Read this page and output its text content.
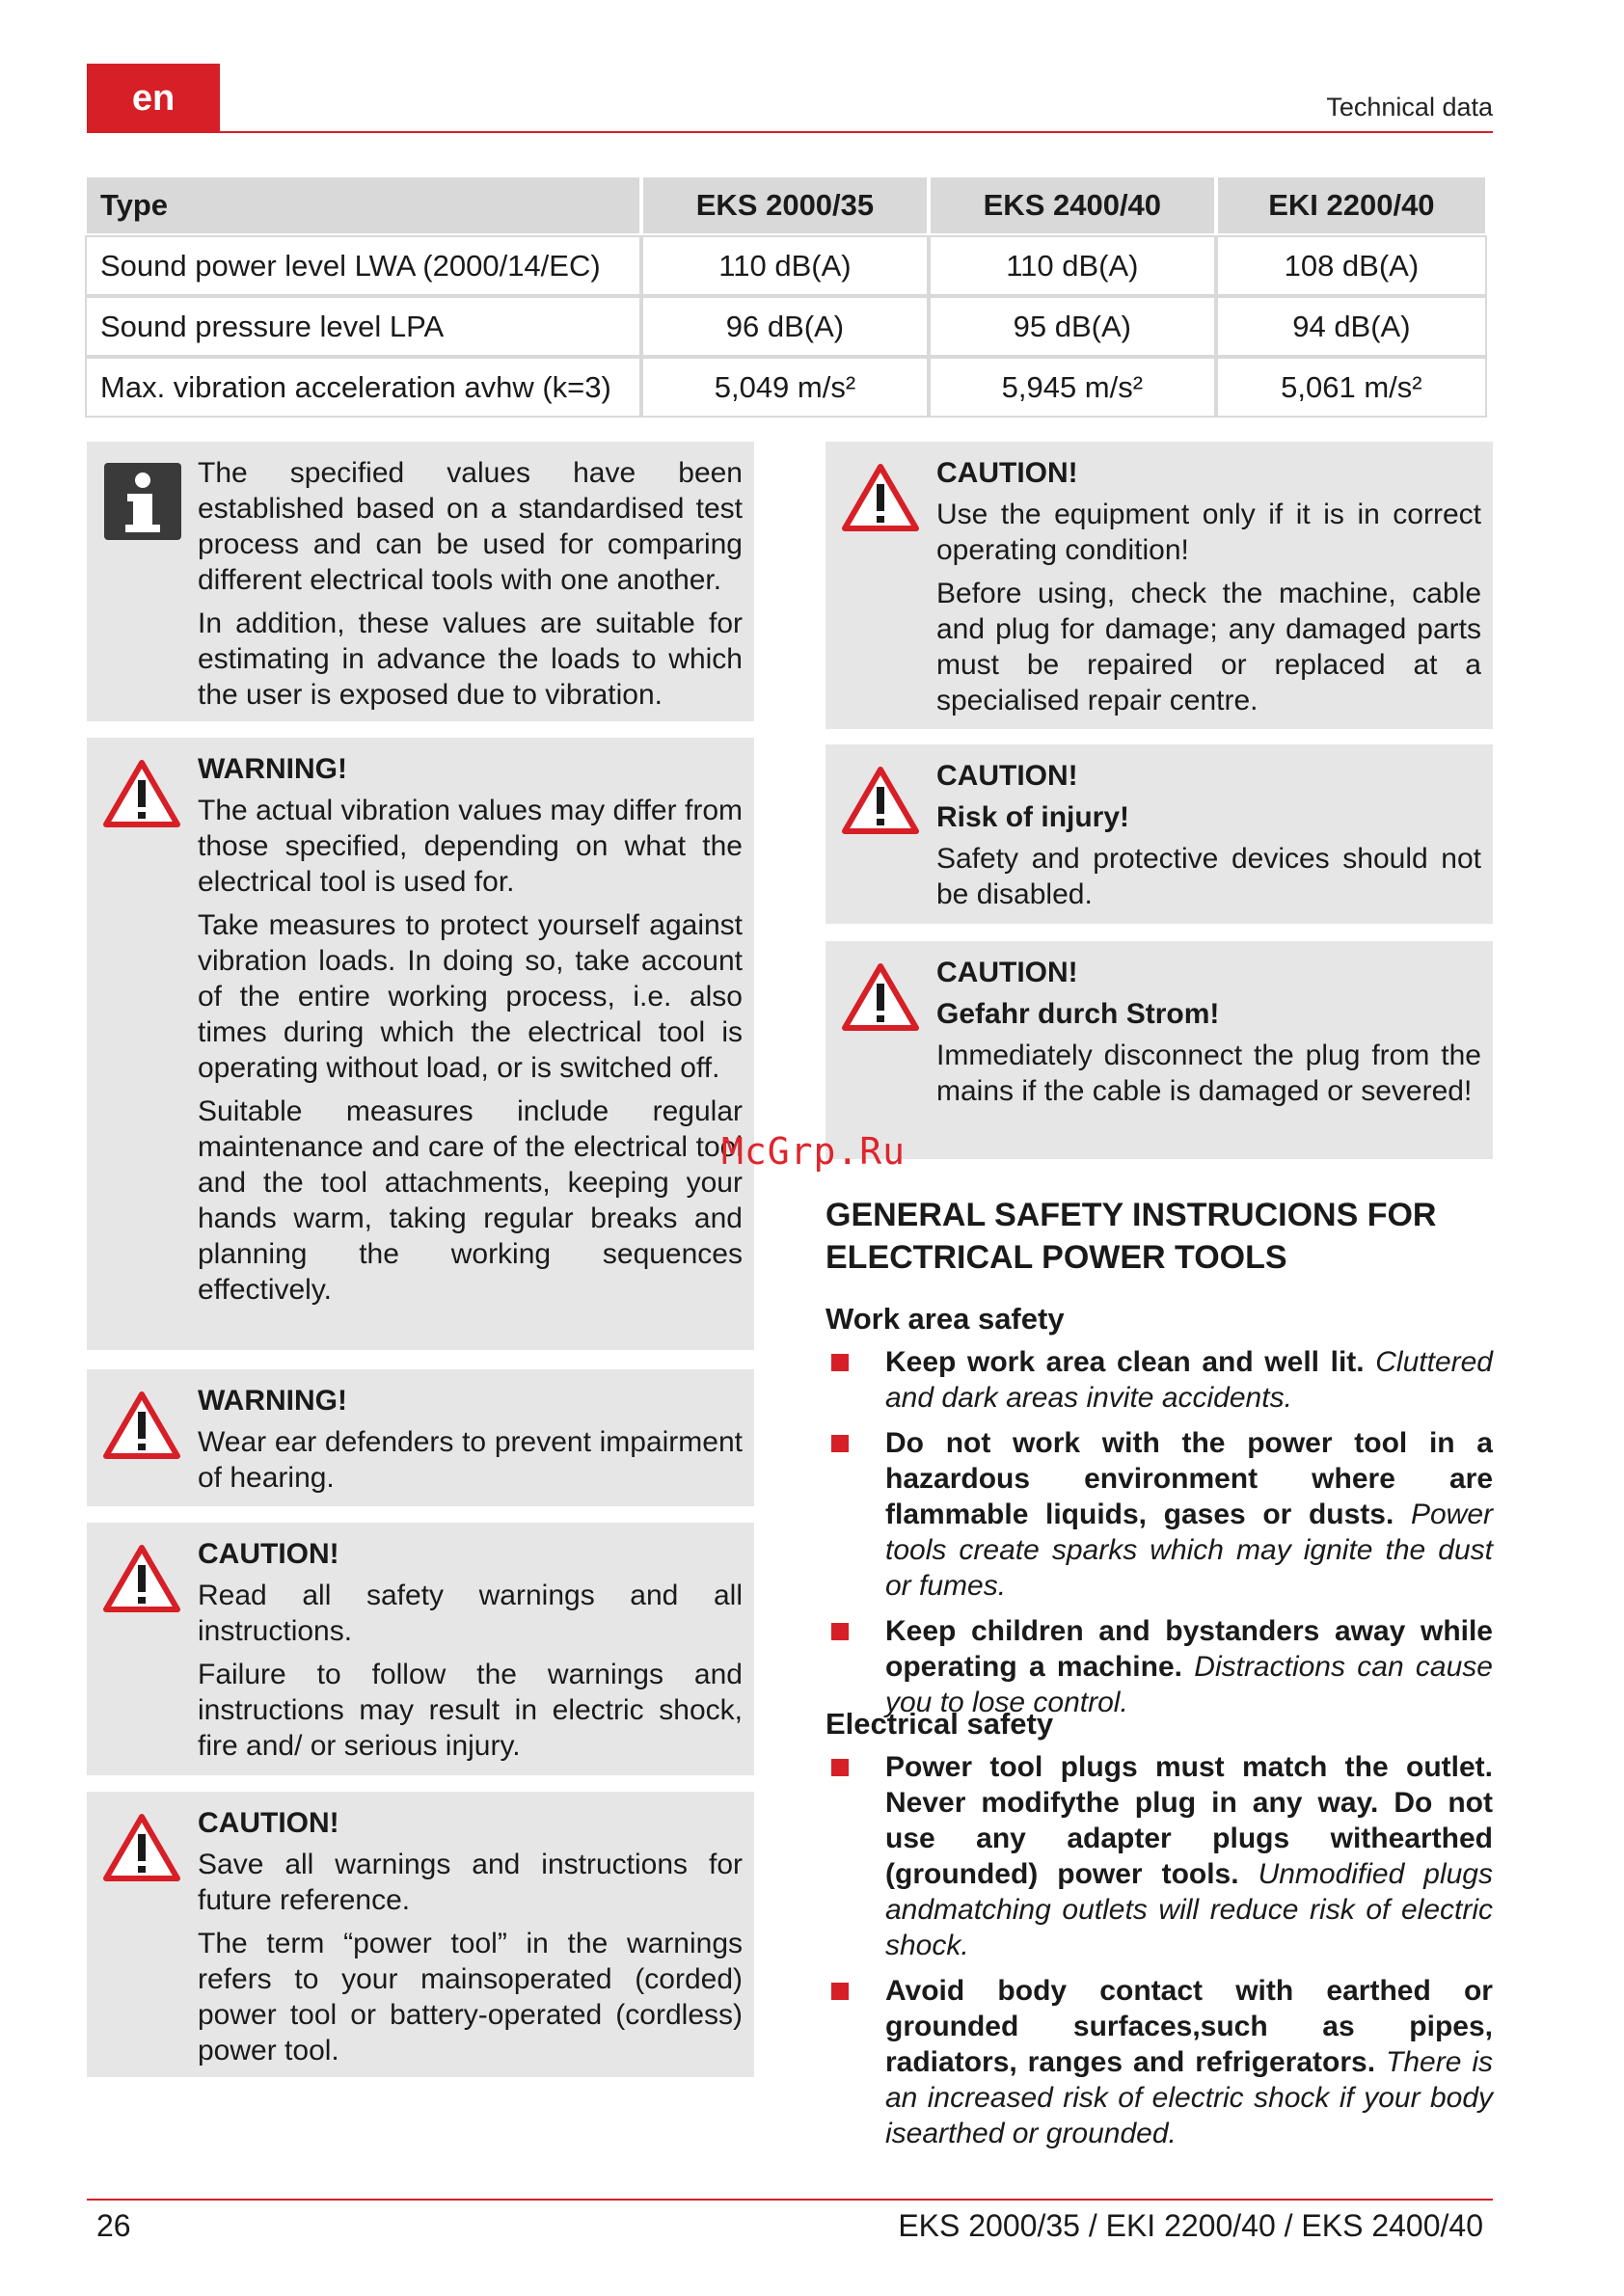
en	Technical data
Type	EKS 2000/35	EKS 2400/40	EKI 2200/40
Sound power level LWA (2000/14/EC)	110 dB(A)	110 dB(A)	108 dB(A)
Sound pressure level LPA	96 dB(A)	95 dB(A)	94 dB(A)
Max. vibration acceleration avhw (k=3)	5,049 m/s²	5,945 m/s²	5,061 m/s²

The specified values have been established based on a standardised test process and can be used for comparing different electrical tools with one another.

In addition, these values are suitable for estimating in advance the loads to which the user is exposed due to vibration.

WARNING!

The actual vibration values may differ from those specified, depending on what the electrical tool is used for.

Take measures to protect yourself against vibration loads. In doing so, take account of the entire working process, i.e. also times during which the electrical tool is operating without load, or is switched off.

Suitable measures include regular maintenance and care of the electrical tool and the tool attachments, keeping your hands warm, taking regular breaks and planning the working sequences effectively.

WARNING!

Wear ear defenders to prevent impairment of hearing.

CAUTION!

Read all safety warnings and all instructions.

Failure to follow the warnings and instructions may result in electric shock, fire and/ or serious injury.

CAUTION!

Save all warnings and instructions for future reference.

The term “power tool” in the warnings refers to your mainsoperated (corded) power tool or battery-operated (cordless) power tool.

CAUTION!

Use the equipment only if it is in correct operating condition!

Before using, check the machine, cable and plug for damage; any damaged parts must be repaired or replaced at a specialised repair centre.

CAUTION!

Risk of injury!

Safety and protective devices should not be disabled.

CAUTION!

Gefahr durch Strom!

Immediately disconnect the plug from the mains if the cable is damaged or severed!

McGrp.Ru
GENERAL SAFETY INSTRUCIONS FOR ELECTRICAL POWER TOOLS
Work area safety
Keep work area clean and well lit. Cluttered and dark areas invite accidents.
Do not work with the power tool in a hazardous environment where are flammable liquids, gases or dusts. Power tools create sparks which may ignite the dust or fumes.
Keep children and bystanders away while operating a machine. Distractions can cause you to lose control.
Electrical safety
Power tool plugs must match the outlet. Never modifythe plug in any way. Do not use any adapter plugs withearthed (grounded) power tools. Unmodified plugs andmatching outlets will reduce risk of electric shock.
Avoid body contact with earthed or grounded surfaces,such as pipes, radiators, ranges and refrigerators. There is an increased risk of electric shock if your body isearthed or grounded.
26	EKS 2000/35 / EKI 2200/40 / EKS 2400/40
